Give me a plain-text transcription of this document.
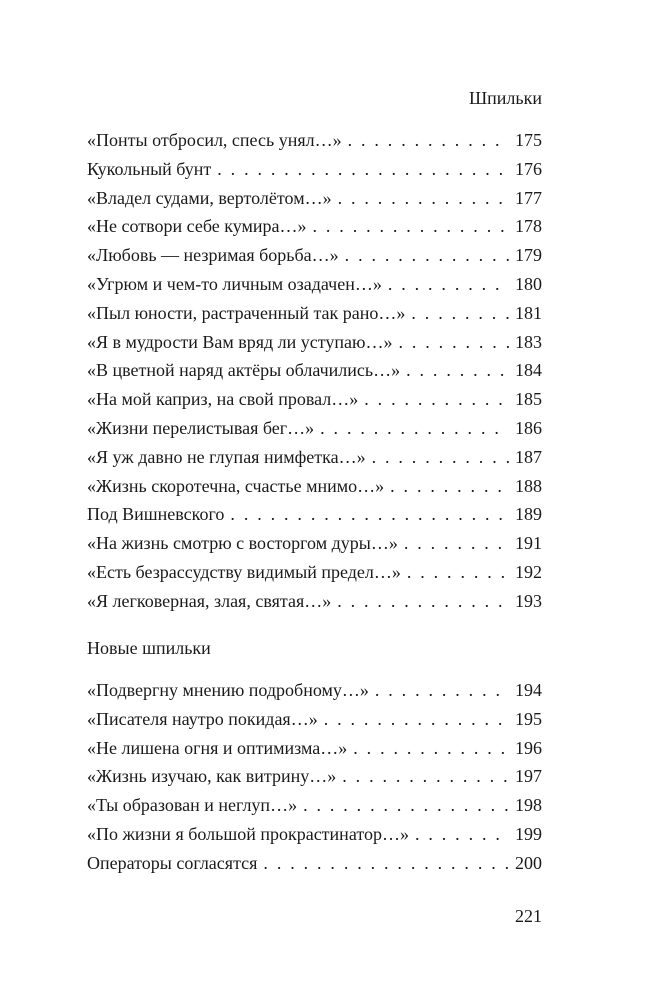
Шпильки
«Понты отбросил, спесь унял…» . . .	175
Кукольный бунт . . .	176
«Владел судами, вертолётом…» . . .	177
«Не сотвори себе кумира…» . . .	178
«Любовь — незримая борьба…» . . .	179
«Угрюм и чем-то личным озадачен…» . . .	180
«Пыл юности, растраченный так рано…» . . .	181
«Я в мудрости Вам вряд ли уступаю…» . . .	183
«В цветной наряд актёры облачились…» . . .	184
«На мой каприз, на свой провал…» . . .	185
«Жизни перелистывая бег…» . . .	186
«Я уж давно не глупая нимфетка…» . . .	187
«Жизнь скоротечна, счастье мнимо…» . . .	188
Под Вишневского . . .	189
«На жизнь смотрю с восторгом дуры…» . . .	191
«Есть безрассудству видимый предел…» . . .	192
«Я легковерная, злая, святая…» . . .	193
Новые шпильки
«Подвергну мнению подробному…» . . .	194
«Писателя наутро покидая…» . . .	195
«Не лишена огня и оптимизма…» . . .	196
«Жизнь изучаю, как витрину…» . . .	197
«Ты образован и неглуп…» . . .	198
«По жизни я большой прокрастинатор…» . . .	199
Операторы согласятся . . .	200
221
